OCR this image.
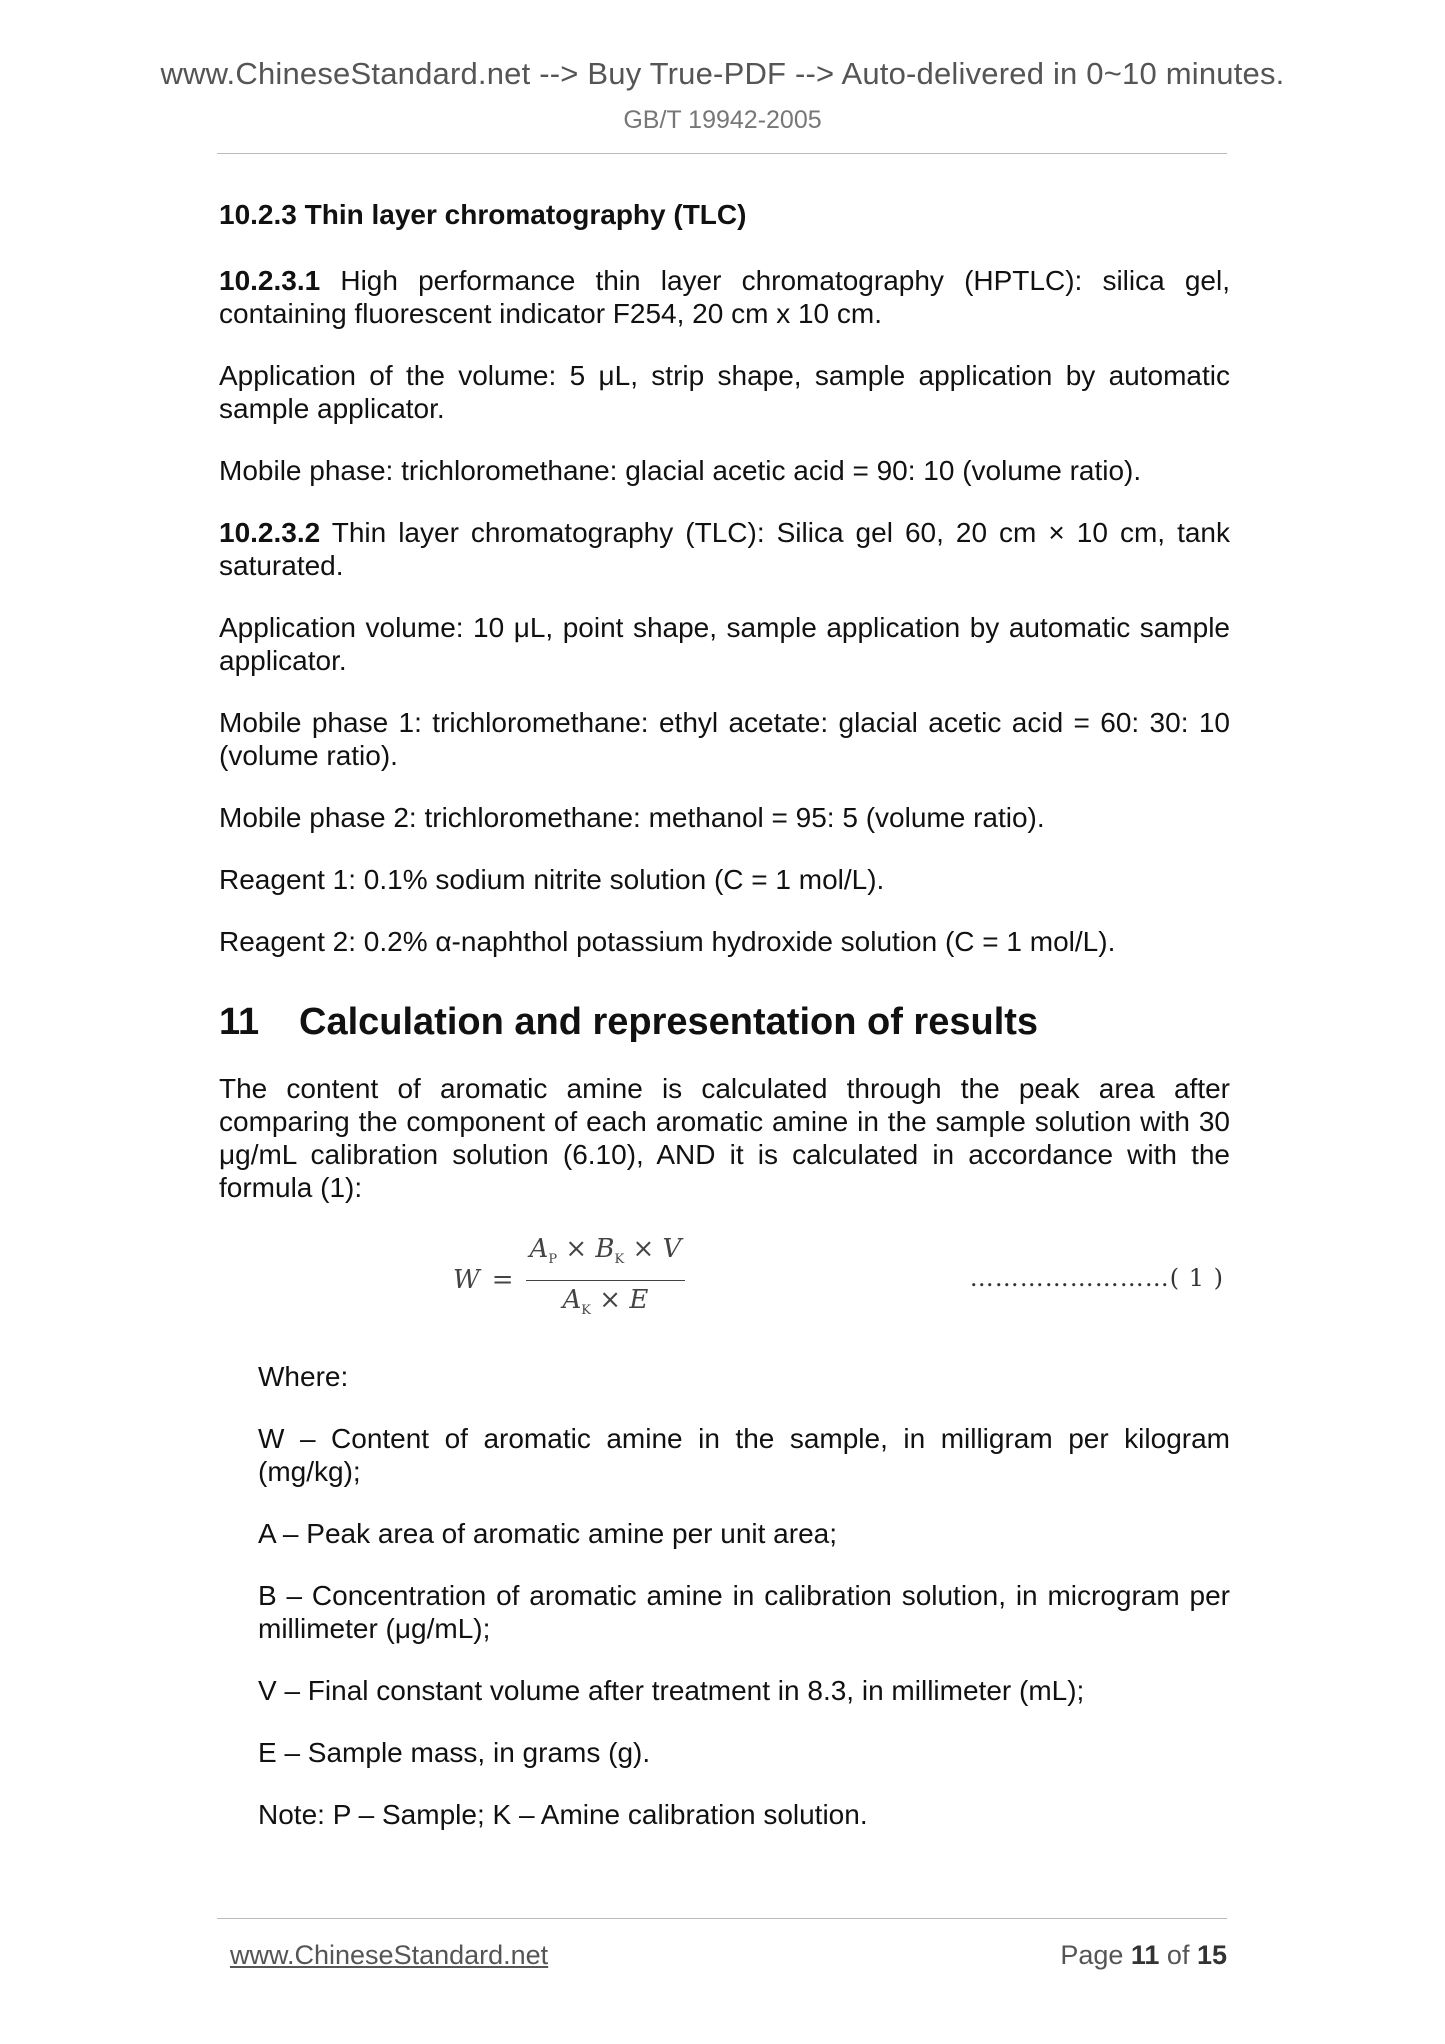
www.ChineseStandard.net --> Buy True-PDF --> Auto-delivered in 0~10 minutes.
GB/T 19942-2005
10.2.3 Thin layer chromatography (TLC)

10.2.3.1 High performance thin layer chromatography (HPTLC): silica gel, containing fluorescent indicator F254, 20 cm x 10 cm.

Application of the volume: 5 μL, strip shape, sample application by automatic sample applicator.

Mobile phase: trichloromethane: glacial acetic acid = 90: 10 (volume ratio).

10.2.3.2 Thin layer chromatography (TLC): Silica gel 60, 20 cm × 10 cm, tank saturated.

Application volume: 10 μL, point shape, sample application by automatic sample applicator.

Mobile phase 1: trichloromethane: ethyl acetate: glacial acetic acid = 60: 30: 10 (volume ratio).

Mobile phase 2: trichloromethane: methanol = 95: 5 (volume ratio).

Reagent 1: 0.1% sodium nitrite solution (C = 1 mol/L).

Reagent 2: 0.2% α-naphthol potassium hydroxide solution (C = 1 mol/L).

11 Calculation and representation of results

The content of aromatic amine is calculated through the peak area after comparing the component of each aromatic amine in the sample solution with 30 μg/mL calibration solution (6.10), AND it is calculated in accordance with the formula (1):

$W = \frac{A_P \times B_K \times V}{A_K \times E}$	……………………( 1 )

Where:

W – Content of aromatic amine in the sample, in milligram per kilogram (mg/kg);

A – Peak area of aromatic amine per unit area;

B – Concentration of aromatic amine in calibration solution, in microgram per millimeter (μg/mL);

V – Final constant volume after treatment in 8.3, in millimeter (mL);

E – Sample mass, in grams (g).

Note: P – Sample; K – Amine calibration solution.

www.ChineseStandard.net	Page 11 of 15
